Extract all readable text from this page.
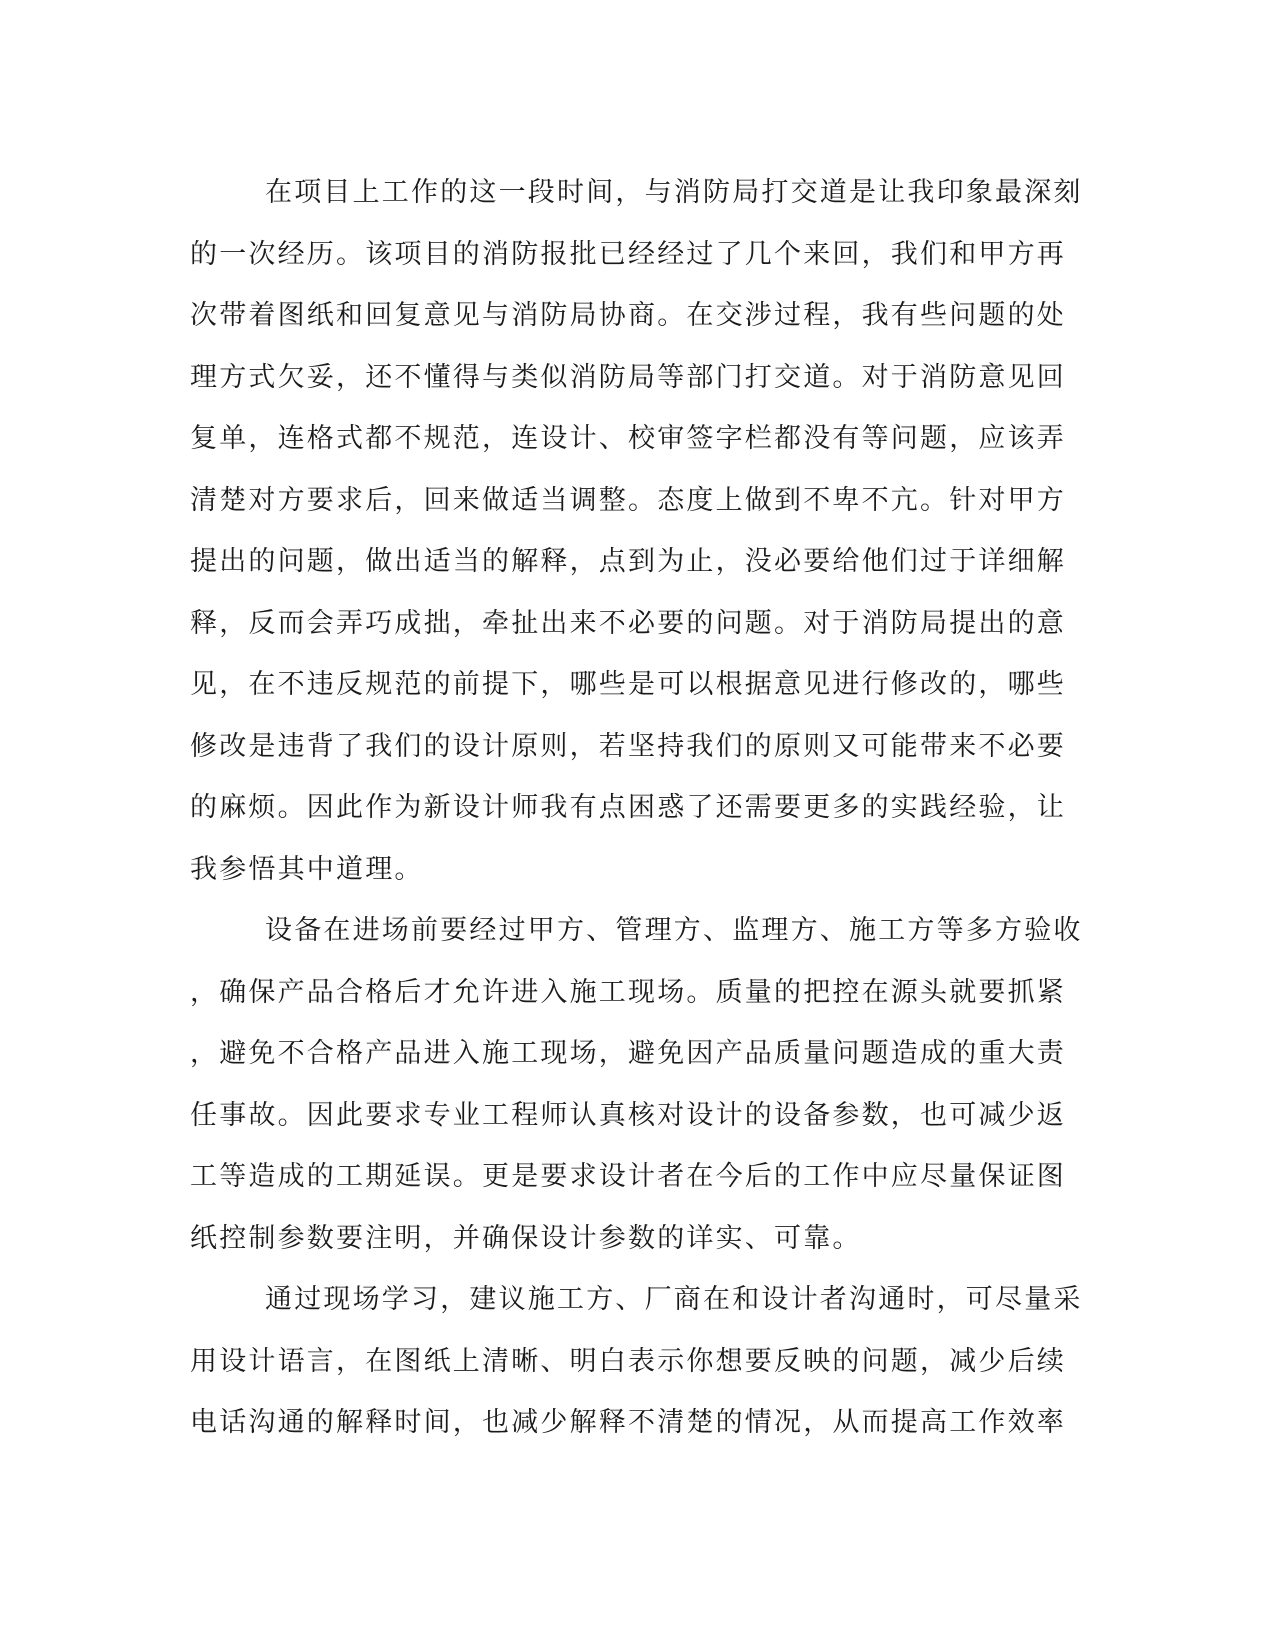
在项目上工作的这一段时间，与消防局打交道是让我印象最深刻
的一次经历。该项目的消防报批已经经过了几个来回，我们和甲方再
次带着图纸和回复意见与消防局协商。在交涉过程，我有些问题的处
理方式欠妥，还不懂得与类似消防局等部门打交道。对于消防意见回
复单，连格式都不规范，连设计、校审签字栏都没有等问题，应该弄
清楚对方要求后，回来做适当调整。态度上做到不卑不亢。针对甲方
提出的问题，做出适当的解释，点到为止，没必要给他们过于详细解
释，反而会弄巧成拙，牵扯出来不必要的问题。对于消防局提出的意
见，在不违反规范的前提下，哪些是可以根据意见进行修改的，哪些
修改是违背了我们的设计原则，若坚持我们的原则又可能带来不必要
的麻烦。因此作为新设计师我有点困惑了还需要更多的实践经验，让
我参悟其中道理。
设备在进场前要经过甲方、管理方、监理方、施工方等多方验收
，确保产品合格后才允许进入施工现场。质量的把控在源头就要抓紧
，避免不合格产品进入施工现场，避免因产品质量问题造成的重大责
任事故。因此要求专业工程师认真核对设计的设备参数，也可减少返
工等造成的工期延误。更是要求设计者在今后的工作中应尽量保证图
纸控制参数要注明，并确保设计参数的详实、可靠。
通过现场学习，建议施工方、厂商在和设计者沟通时，可尽量采
用设计语言，在图纸上清晰、明白表示你想要反映的问题，减少后续
电话沟通的解释时间，也减少解释不清楚的情况，从而提高工作效率
